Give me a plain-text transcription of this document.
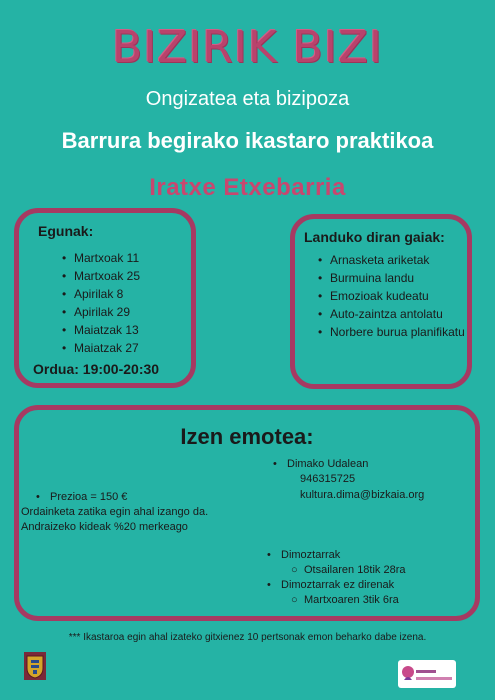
BIZIRIK BIZI
Ongizatea eta bizipoza
Barrura begirako ikastaro praktikoa
Iratxe Etxebarria
Egunak:
• Martxoak 11
• Martxoak 25
• Apirilak 8
• Apirilak 29
• Maiatzak 13
• Maiatzak 27
Ordua: 19:00-20:30
Landuko diran gaiak:
• Arnasketa ariketak
• Burmuina landu
• Emozioak kudeatu
• Auto-zaintza antolatu
• Norbere burua planifikatu
Izen emotea:
• Dimako Udalean
946315725
kultura.dima@bizkaia.org
• Prezioa = 150 €
Ordainketa zatika egin ahal izango da.
Andraizeko kideak %20 merkeago
• Dimoztarrak
○ Otsailaren 18tik 28ra
• Dimoztarrak ez direnak
○ Martxoaren 3tik 6ra
*** Ikastaroa egin ahal izateko gitxienez 10 pertsonak emon beharko dabe izena.
